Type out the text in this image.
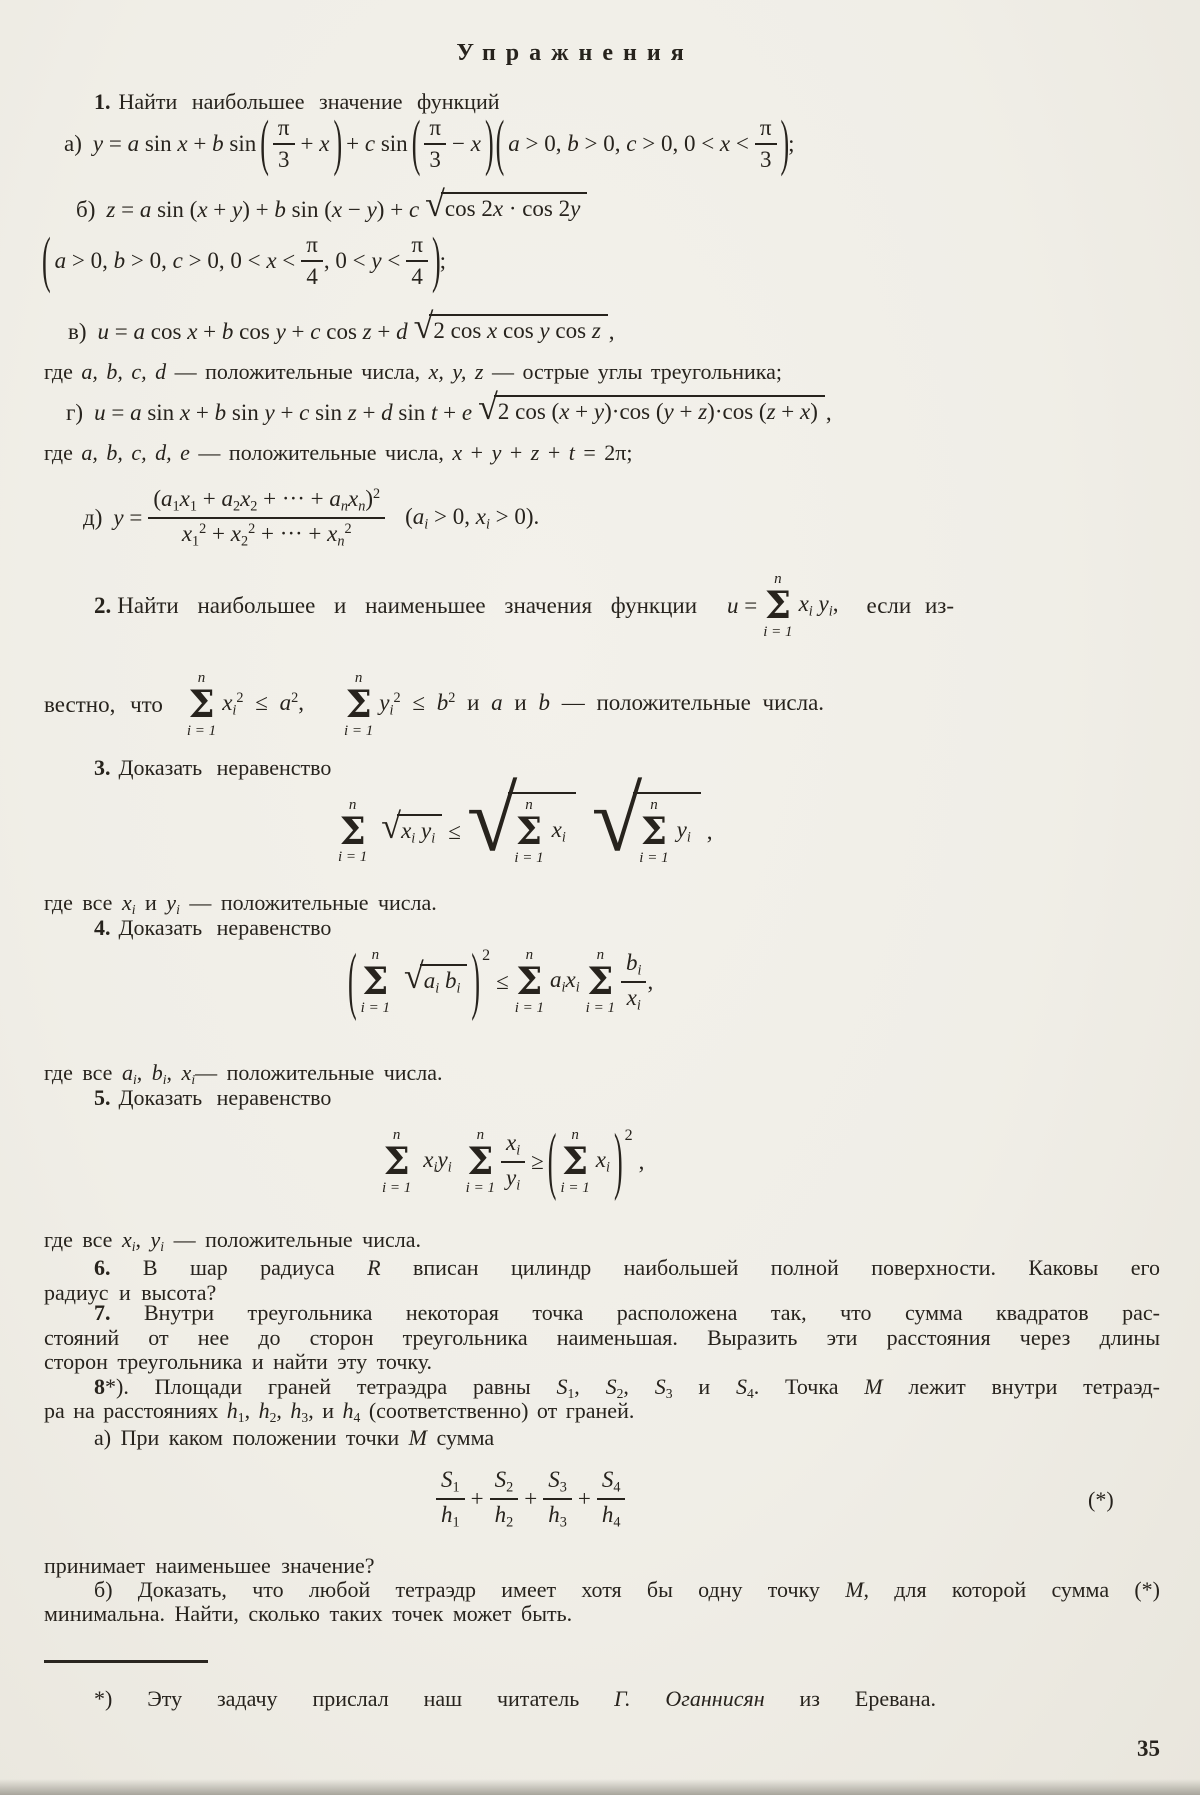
Упражнения
1. Найти наибольшее значение функций
а) y = a sin x + b sin ( $\frac{\pi}{3} + x$ ) + c sin ( $\frac{\pi}{3} - x$ ) ( a > 0, b > 0, c > 0, $0 < x < \frac{\pi}{3}$ ) ;
б) z = a sin (x + y) + b sin (x − y) + c √ cos 2x · cos 2y
( a > 0, b > 0, c > 0, $0 < x < \frac{\pi}{4}$ , $0 < y < \frac{\pi}{4}$ ) ;
в) u = a cos x + b cos y + c cos z + d √ 2 cos x cos y cos z ,
где a, b, c, d — положительные числа, x, y, z — острые углы треугольника;
г) u = a sin x + b sin y + c sin z + d sin t + e √ 2 cos (x + y)·cos (y + z)·cos (z + x) ,
где a, b, c, d, e — положительные числа, x + y + z + t = 2π;
д) $y = \frac{(a_1x_1 + a_2x_2 + \cdot\cdot\cdot + a_nx_n)^2}{x_1^2 + x_2^2 + \cdot\cdot\cdot + x_n^2} (a_i > 0$, $x_i > 0$).
2. Найти наибольшее и наименьшее значения функции u =
n
Σ
i = 1
$x_i$ $y_i$, если из-
вестно, что
n
Σ
i = 1
$x_i^2 \le a^2$,
n
Σ
i = 1
$y_i^2 \le b^2$ и a и b — положительные числа.
3. Доказать неравенство
n
Σ
i = 1
√ $x_i$ $y_i$ ≤ √ n
Σ
i = 1
$x_i$ √ n
Σ
i = 1
$y_i$ ,
где все $x_i$ и $y_i$ — положительные числа.
4. Доказать неравенство
( n
Σ
i = 1
√ $a_i$ $b_i$ ) 2
≤
n
Σ
i = 1
$a_ix_i$
n
Σ
$i = 1 \frac{b_i}{x_i}$ ,
где все $a_i$, $b_i$, $x_i—$ положительные числа.
5. Доказать неравенство
n
Σ
i = 1
$x_iy_i$
n
Σ
$i = 1 \frac{x_i}{y_i}$ ≥ ( n
Σ
i = 1
$x_i$ ) 2
,
где все $x_i$, $y_i$ — положительные числа.
6. В шар радиуса R вписан цилиндр наибольшей полной поверхности. Каковы его
радиус и высота?
7. Внутри треугольника некоторая точка расположена так, что сумма квадратов рас-
стояний от нее до сторон треугольника наименьшая. Выразить эти расстояния через длины
сторон треугольника и найти эту точку.
8*). Площади граней тетраэдра равны $S_1$, $S_2$, $S_3$ и $S_4$. Точка М лежит внутри тетраэд-
ра на расстояниях $h_1$, $h_2$, $h_3$, и $h_4$ (соответственно) от граней.
а) При каком положении точки М сумма
$\frac{S_1}{h_1} + \frac{S_2}{h_2} + \frac{S_3}{h_3} + \frac{S_4}{h_4}$	(*)
принимает наименьшее значение?
б) Доказать, что любой тетраэдр имеет хотя бы одну точку М, для которой сумма (*)
минимальна. Найти, сколько таких точек может быть.
*) Эту задачу прислал наш читатель Г. Оганнисян из Еревана.
35
